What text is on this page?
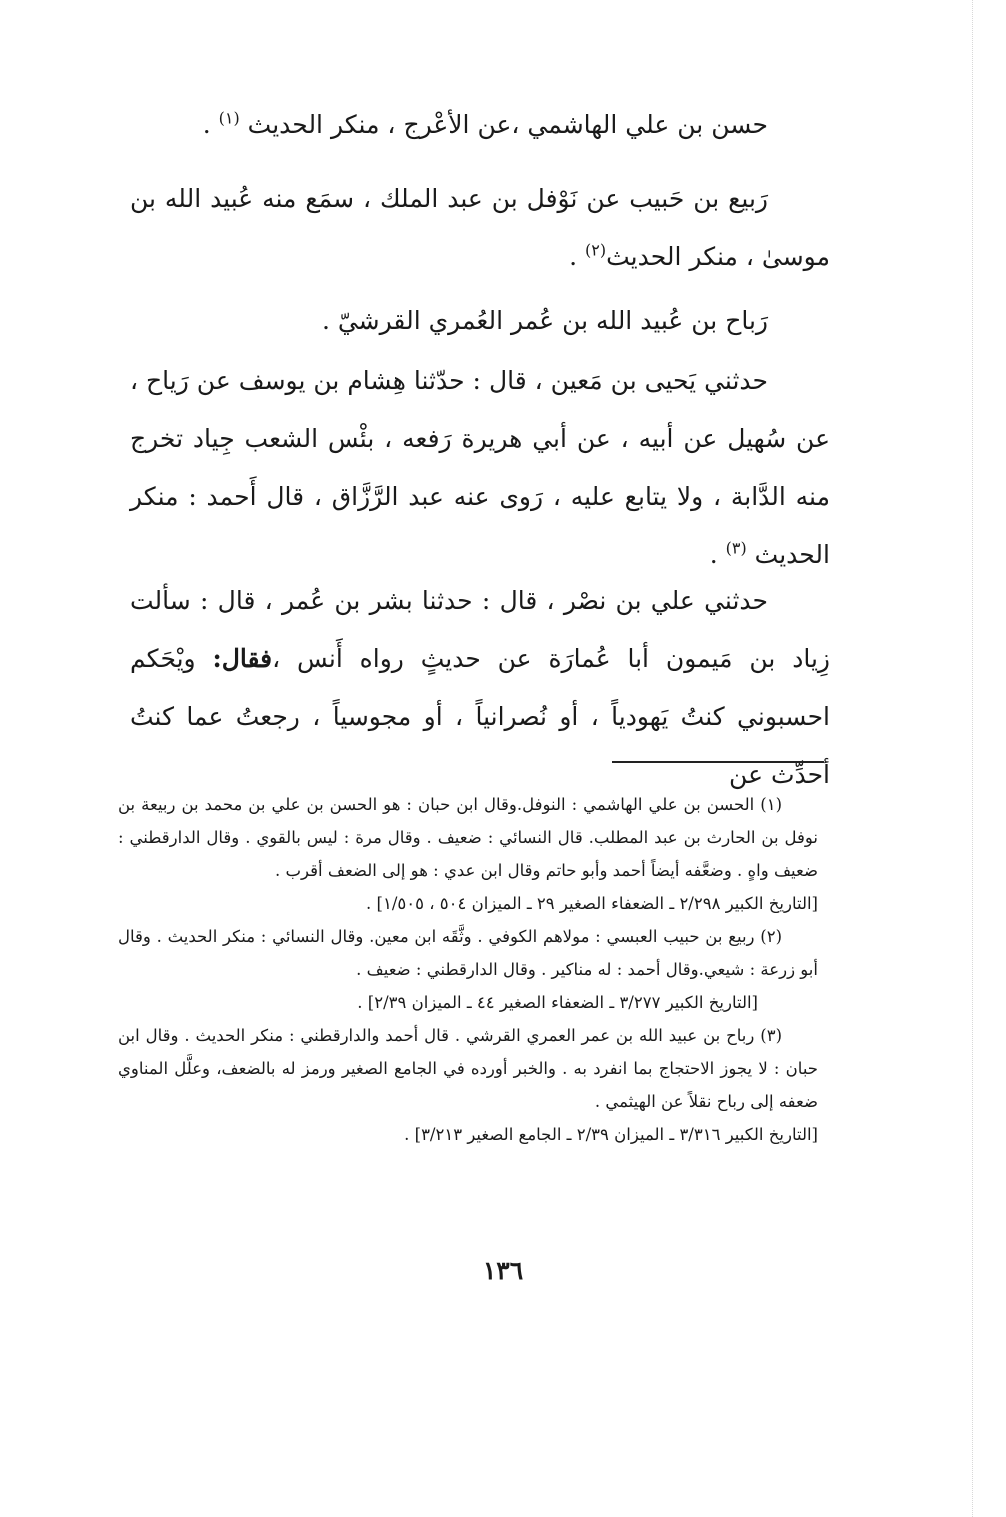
حسن بن علي الهاشمي ،عن الأعْرج ، منكر الحديث $^{(١)}$ .

رَبيع بن حَبيب عن نَوْفل بن عبد الملك ، سمَع منه عُبيد الله بن موسىٰ ، منكر الحديث$^{(٢)}$ .

رَباح بن عُبيد الله بن عُمر العُمري القرشيّ .

حدثني يَحيى بن مَعين ، قال : حدّثنا هِشام بن يوسف عن رَياح ، عن سُهيل عن أبيه ، عن أبي هريرة رَفعه ، بئْس الشعب جِياد تخرج منه الدَّابة ، ولا يتابع عليه ، رَوى عنه عبد الرَّزَّاق ، قال أَحمد : منكر الحديث $^{(٣)}$ .

حدثني علي بن نصْر ، قال : حدثنا بشر بن عُمر ، قال : سألت زِياد بن مَيمون أبا عُمارَة عن حديثٍ رواه أَنس ،فقال: ويْحَكم احسبوني كنتُ يَهودياً ، أو نُصرانياً ، أو مجوسياً ، رجعتُ عما كنتُ أحدِّث عن

(١) الحسن بن علي الهاشمي : النوفل.وقال ابن حبان : هو الحسن بن علي بن محمد بن ربيعة بن نوفل بن الحارث بن عبد المطلب. قال النسائي : ضعيف . وقال مرة : ليس بالقوي . وقال الدارقطني : ضعيف واهٍ . وضعَّفه أيضاً أحمد وأبو حاتم وقال ابن عدي : هو إلى الضعف أقرب .

[التاريخ الكبير ٢/٢٩٨ ـ الضعفاء الصغير ٢٩ ـ الميزان ٥٠٤ ، ١/٥٠٥] .

(٢) ربيع بن حبيب العبسي : مولاهم الكوفي . وثَّقَه ابن معين. وقال النسائي : منكر الحديث . وقال أبو زرعة : شيعي.وقال أحمد : له مناكير . وقال الدارقطني : ضعيف .

[التاريخ الكبير ٣/٢٧٧ ـ الضعفاء الصغير ٤٤ ـ الميزان ٢/٣٩] .

(٣) رباح بن عبيد الله بن عمر العمري القرشي . قال أحمد والدارقطني : منكر الحديث . وقال ابن حبان : لا يجوز الاحتجاج بما انفرد به . والخبر أورده في الجامع الصغير ورمز له بالضعف، وعلَّل المناوي ضعفه إلى رباح نقلاً عن الهيثمي .

[التاريخ الكبير ٣/٣١٦ ـ الميزان ٢/٣٩ ـ الجامع الصغير ٣/٢١٣] .

١٣٦
